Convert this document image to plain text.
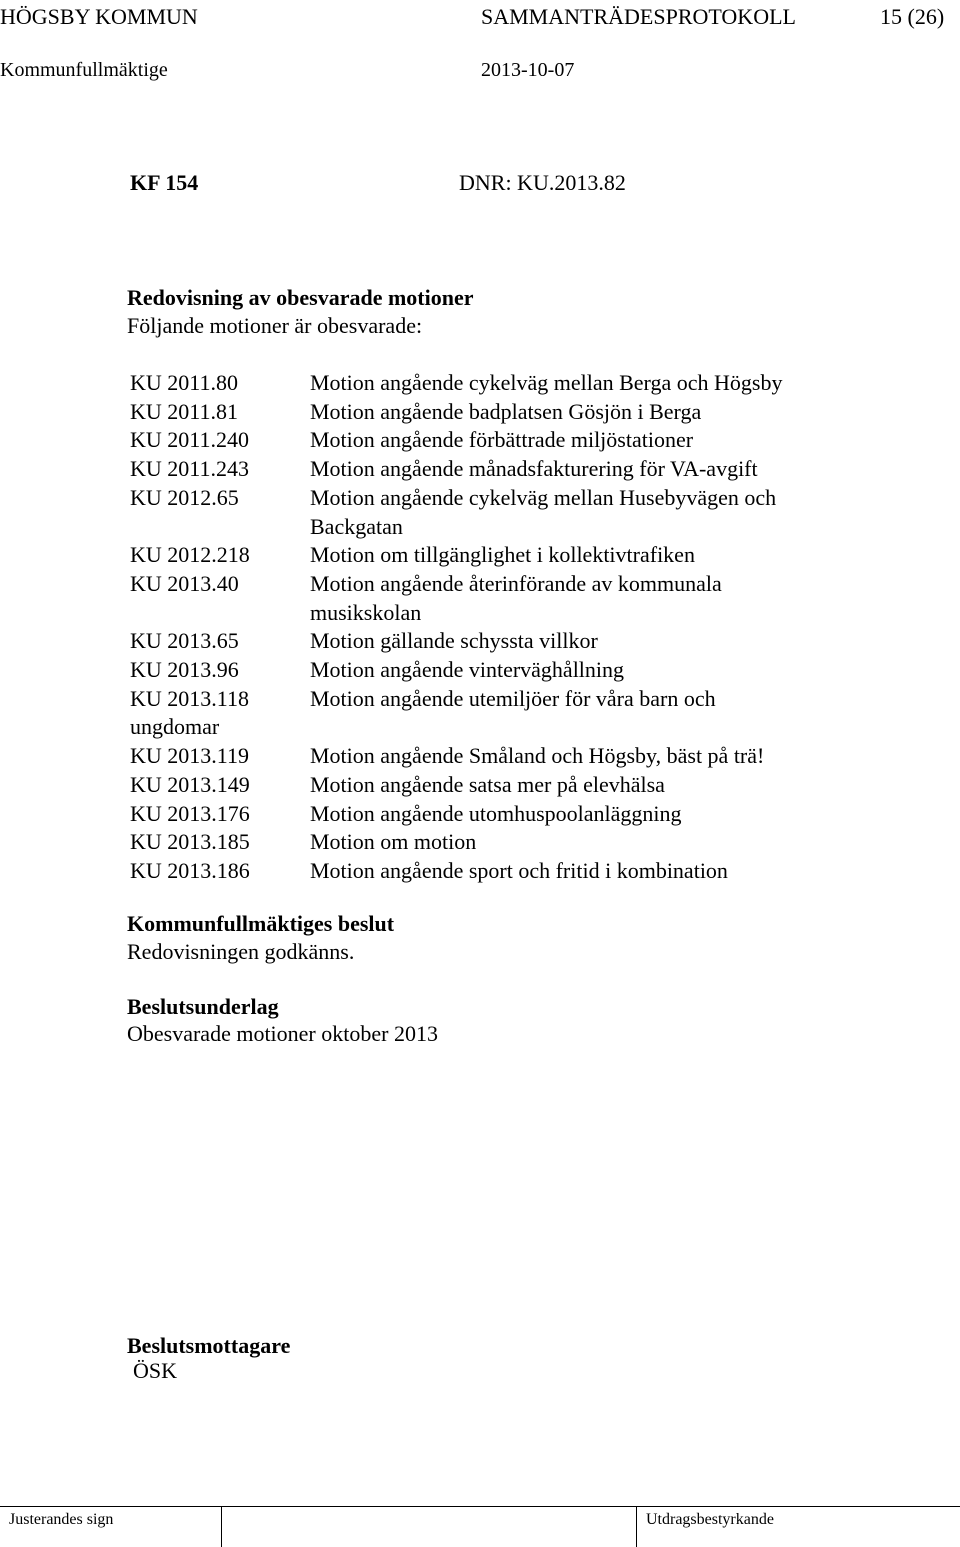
HÖGSBY KOMMUN	SAMMANTRÄDESPROTOKOLL	15 (26)
Kommunfullmäktige	2013-10-07
KF 154	DNR: KU.2013.82
Redovisning av obesvarade motioner
Följande motioner är obesvarade:
KU 2011.80	Motion angående cykelväg mellan Berga och Högsby
KU 2011.81	Motion angående badplatsen Gösjön i Berga
KU 2011.240	Motion angående förbättrade miljöstationer
KU 2011.243	Motion angående månadsfakturering för VA-avgift
KU 2012.65	Motion angående cykelväg mellan Husebyvägen och
Backgatan
KU 2012.218	Motion om tillgänglighet i kollektivtrafiken
KU 2013.40	Motion angående återinförande av kommunala
musikskolan
KU 2013.65	Motion gällande schyssta villkor
KU 2013.96	Motion angående vinterväghållning
KU 2013.118	Motion angående utemiljöer för våra barn och
ungdomar
KU 2013.119	Motion angående Småland och Högsby, bäst på trä!
KU 2013.149	Motion angående satsa mer på elevhälsa
KU 2013.176	Motion angående utomhuspoolanläggning
KU 2013.185	Motion om motion
KU 2013.186	Motion angående sport och fritid i kombination
Kommunfullmäktiges beslut
Redovisningen godkänns.
Beslutsunderlag
Obesvarade motioner oktober 2013
Beslutsmottagare
ÖSK
Justerandes sign	Utdragsbestyrkande
